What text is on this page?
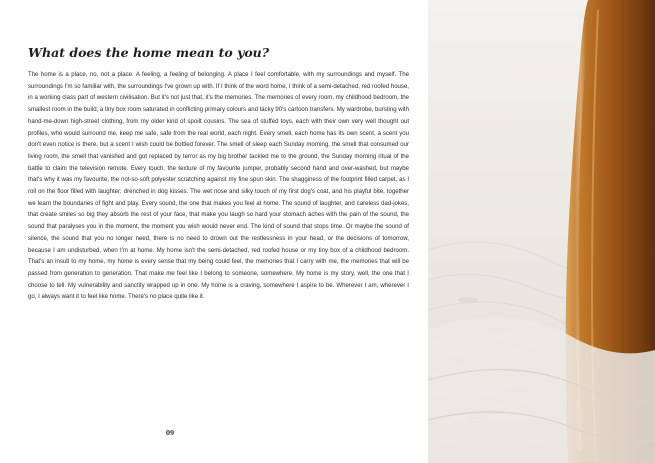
What does the home mean to you?

The home is a place, no, not a place. A feeling, a feeling of belonging. A place I feel comfortable, with my surroundings and myself. The surroundings I'm so familiar with, the surroundings I've grown up with. If I think of the word home, I think of a semi-detached, red roofed house, in a working class part of western civilisation. But it's not just that, it's the memories. The memories of every room, my childhood bedroom, the smallest room in the build; a tiny box room saturated in conflicting primary colours and tacky 90's cartoon transfers. My wardrobe, bursting with hand-me-down high-street clothing, from my older kind of spoilt cousins. The sea of stuffed toys, each with their own very well thought out profiles, who would surround me, keep me safe, safe from the real world, each night. Every smell, each home has its own scent, a scent you don't even notice is there, but a scent I wish could be bottled forever. The smell of sleep each Sunday morning, the smell that consumed our living room, the smell that vanished and got replaced by terror as my big brother tackled me to the ground, the Sunday morning ritual of the battle to claim the television remote. Every touch, the texture of my favourite jumper, probably second hand and over-washed, but maybe that's why it was my favourite, the not-so-soft polyester scratching against my fine spun skin. The shagginess of the footprint filled carpet, as I roll on the floor filled with laughter; drenched in dog kisses. The wet nose and silky touch of my first dog's coat, and his playful bite, together we learn the boundaries of fight and play. Every sound, the one that makes you feel at home. The sound of laughter, and careless dad-jokes, that create smiles so big they absorb the rest of your face, that make you laugh so hard your stomach aches with the pain of the sound, the sound that paralyses you in the moment, the moment you wish would never end. The kind of sound that stops time. Or maybe the sound of silence, the sound that you no longer need, there is no need to drown out the restlessness in your head, or the decisions of tomorrow, because I am undisturbed, when I'm at home. My home isn't the semi-detached, red roofed house or my tiny box of a childhood bedroom. That's an insult to my home, my home is every sense that my being could feel, the memories that I carry with me, the memories that will be passed from generation to generation. That make me feel like I belong to someone, somewhere. My home is my story, well, the one that I choose to tell. My vulnerability and sanctity wrapped up in one. My home is a craving, somewhere I aspire to be. Wherever I am, wherever I go, I always want it to feel like home. There's no place quite like it.

09
